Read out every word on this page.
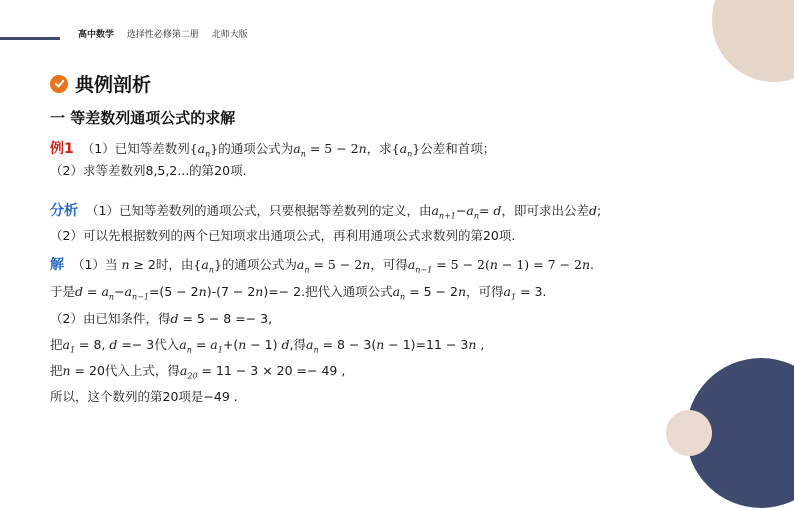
高中数学 选择性必修第二册 北师大版
典例剖析
一 等差数列通项公式的求解
例1 （1）已知等差数列$\{a_n\}$的通项公式为$a_n = 5 - 2n$，求$\{a_n\}$公差和首项；
（2）求等差数列8,5,2...的第20项.
分析 （1）已知等差数列的通项公式，只要根据等差数列的定义，由$a_{n+1}-a_n= d$，即可求出公差d;
（2）可以先根据数列的两个已知项求出通项公式，再利用通项公式求数列的第20项.
解 （1）当 n ≥ 2时，由$\{a_n\}$的通项公式为$a_n = 5 - 2n$，可得$a_{n-1} = 5 - 2(n - 1) = 7 - 2n$.
于是$d = a_n-a_{n-1}=(5 - 2n)-(7 - 2n)=- 2$.把代入通项公式$a_n = 5 - 2n$，可得$a_1 = 3$.
（2）由已知条件，得d = 5 − 8 =− 3,
把$a_1 = 8$, d =− 3代入$a_n = a_1+(n - 1)$ d,得$a_n = 8 - 3(n - 1)=11 - 3n$ ,
把n = 20代入上式，得$a_{20} = 11 - 3 \times 20 =- 49$ ,
所以，这个数列的第20项是−49 .
